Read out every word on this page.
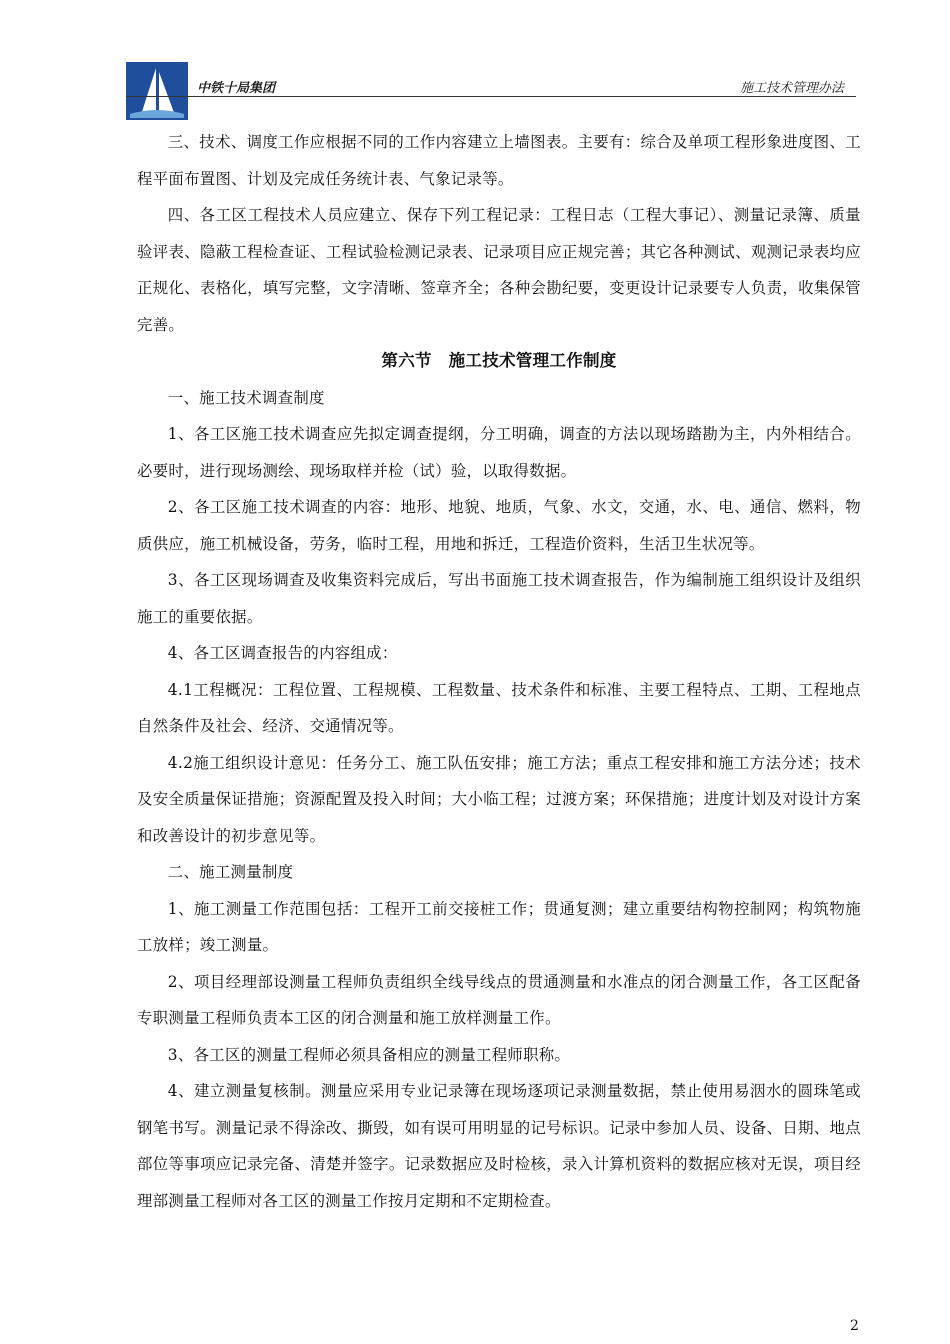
中铁十局集团	施工技术管理办法

三、技术、调度工作应根据不同的工作内容建立上墙图表。主要有：综合及单项工程形象进度图、工程平面布置图、计划及完成任务统计表、气象记录等。

四、各工区工程技术人员应建立、保存下列工程记录：工程日志（工程大事记）、测量记录簿、质量验评表、隐蔽工程检查证、工程试验检测记录表、记录项目应正规完善；其它各种测试、观测记录表均应正规化、表格化，填写完整，文字清晰、签章齐全；各种会勘纪要，变更设计记录要专人负责，收集保管完善。

第六节　施工技术管理工作制度

一、施工技术调查制度

1、各工区施工技术调查应先拟定调查提纲，分工明确，调查的方法以现场踏勘为主，内外相结合。必要时，进行现场测绘、现场取样并检（试）验，以取得数据。

2、各工区施工技术调查的内容：地形、地貌、地质，气象、水文，交通，水、电、通信、燃料，物质供应，施工机械设备，劳务，临时工程，用地和拆迁，工程造价资料，生活卫生状况等。

3、各工区现场调查及收集资料完成后，写出书面施工技术调查报告，作为编制施工组织设计及组织施工的重要依据。

4、各工区调查报告的内容组成：

4.1工程概况：工程位置、工程规模、工程数量、技术条件和标准、主要工程特点、工期、工程地点自然条件及社会、经济、交通情况等。

4.2施工组织设计意见：任务分工、施工队伍安排；施工方法；重点工程安排和施工方法分述；技术及安全质量保证措施；资源配置及投入时间；大小临工程；过渡方案；环保措施；进度计划及对设计方案和改善设计的初步意见等。

二、施工测量制度

1、施工测量工作范围包括：工程开工前交接桩工作；贯通复测；建立重要结构物控制网；构筑物施工放样；竣工测量。

2、项目经理部设测量工程师负责组织全线导线点的贯通测量和水准点的闭合测量工作，各工区配备专职测量工程师负责本工区的闭合测量和施工放样测量工作。

3、各工区的测量工程师必须具备相应的测量工程师职称。

4、建立测量复核制。测量应采用专业记录簿在现场逐项记录测量数据，禁止使用易洇水的圆珠笔或钢笔书写。测量记录不得涂改、撕毁，如有误可用明显的记号标识。记录中参加人员、设备、日期、地点部位等事项应记录完备、清楚并签字。记录数据应及时检核，录入计算机资料的数据应核对无误，项目经理部测量工程师对各工区的测量工作按月定期和不定期检查。

2
